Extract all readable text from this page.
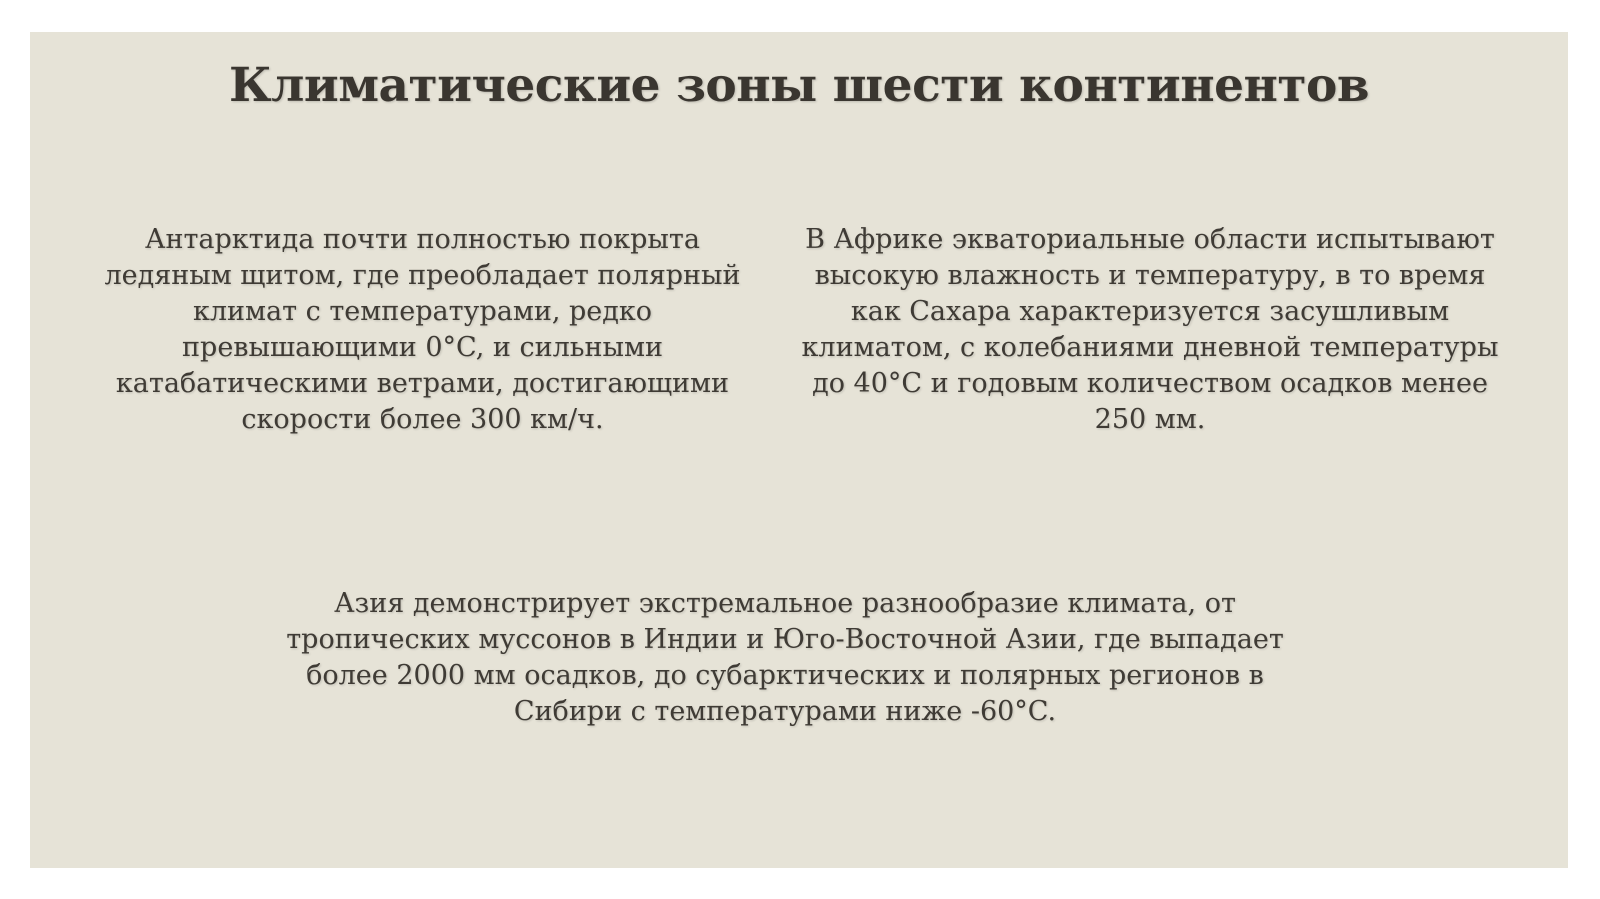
Климатические зоны шести континентов

Антарктида почти полностью покрыта ледяным щитом, где преобладает полярный климат с температурами, редко превышающими 0°C, и сильными катабатическими ветрами, достигающими скорости более 300 км/ч.

В Африке экваториальные области испытывают высокую влажность и температуру, в то время как Сахара характеризуется засушливым климатом, с колебаниями дневной температуры до 40°C и годовым количеством осадков менее 250 мм.

Азия демонстрирует экстремальное разнообразие климата, от тропических муссонов в Индии и Юго-Восточной Азии, где выпадает более 2000 мм осадков, до субарктических и полярных регионов в Сибири с температурами ниже -60°C.
